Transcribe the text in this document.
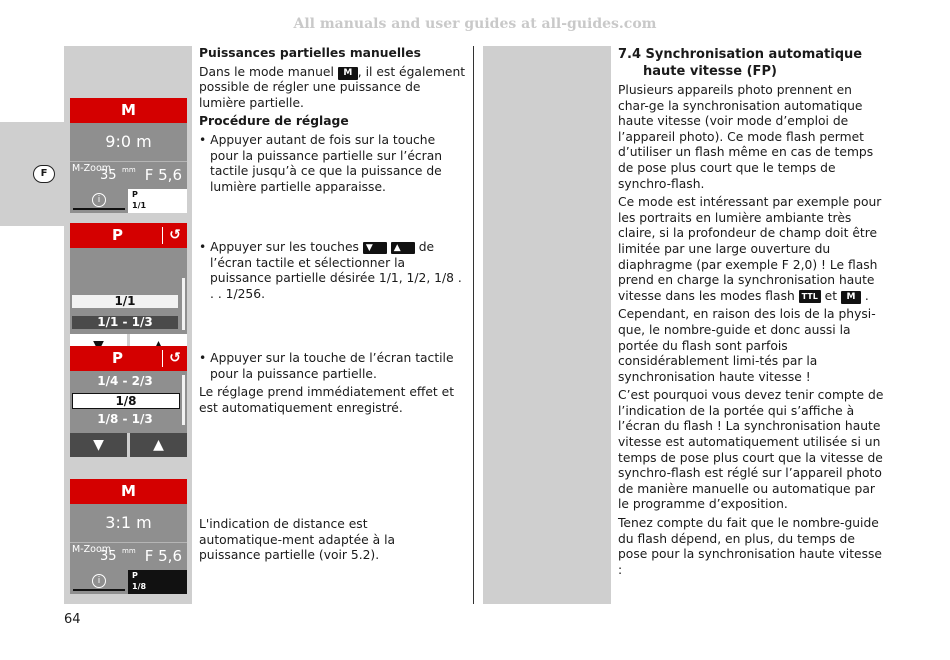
All manuals and user guides at all-guides.com
F
M
9:0 m
M-Zoom
35 mm F 5,6
i
P
1/1
P	↺
1/1
1/1 - 1/3
P	↺
1/4 - 2/3
1/8
1/8 - 1/3
▼	▲
M
3:1 m
M-Zoom
35 mm F 5,6
i
P
1/8

Puissances partielles manuelles

Dans le mode manuel M , il est également possible de régler une puissance de lumière partielle.

Procédure de réglage

• Appuyer autant de fois sur la touche pour la puissance partielle sur l’écran tactile jusqu’à ce que la puissance de lumière partielle apparaisse.

• Appuyer sur les touches ▼ ▲ de l’écran tactile et sélectionner la puissance partielle désirée 1/1, 1/2, 1/8 . . . 1/256.

• Appuyer sur la touche de l’écran tactile pour la puissance partielle.

Le réglage prend immédiatement effet et est automatiquement enregistré.

L'indication de distance est automatique-ment adaptée à la puissance partielle (voir 5.2).

7.4 Synchronisation automatique haute vitesse (FP)

Plusieurs appareils photo prennent en char-ge la synchronisation automatique haute vitesse (voir mode d’emploi de l’appareil photo). Ce mode flash permet d’utiliser un flash même en cas de temps de pose plus court que le temps de synchro-flash.

Ce mode est intéressant par exemple pour les portraits en lumière ambiante très claire, si la profondeur de champ doit être limitée par une large ouverture du diaphragme (par exemple F 2,0) ! Le flash prend en charge la synchronisation haute vitesse dans les modes flash TTL et M .

Cependant, en raison des lois de la physi-que, le nombre-guide et donc aussi la portée du flash sont parfois considérablement limi-tés par la synchronisation haute vitesse !

C’est pourquoi vous devez tenir compte de l’indication de la portée qui s’affiche à l’écran du flash ! La synchronisation haute vitesse est automatiquement utilisée si un temps de pose plus court que la vitesse de synchro-flash est réglé sur l’appareil photo de manière manuelle ou automatique par le programme d’exposition.

Tenez compte du fait que le nombre-guide du flash dépend, en plus, du temps de pose pour la synchronisation haute vitesse :

64
